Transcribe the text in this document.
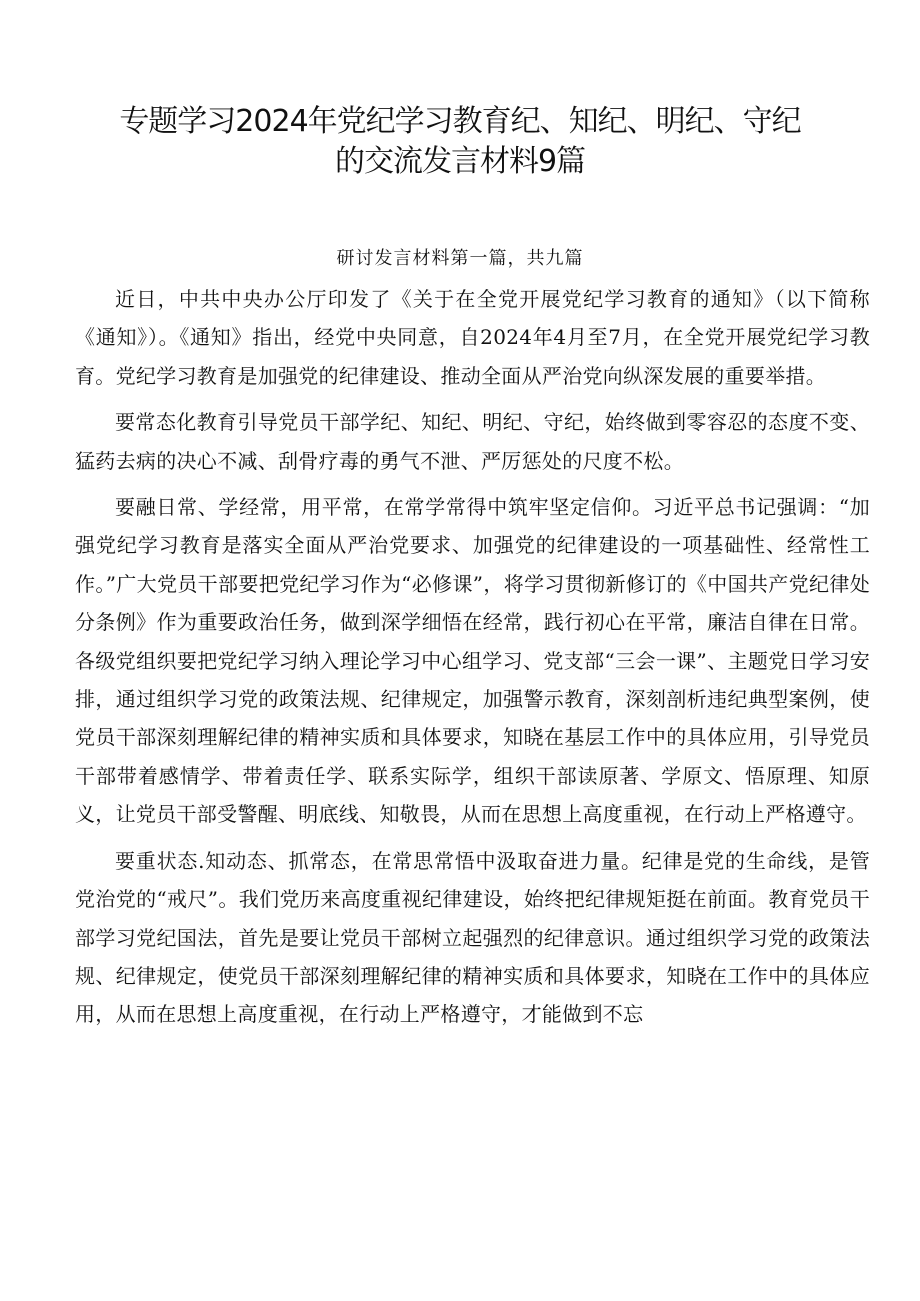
专题学习2024年党纪学习教育纪、知纪、明纪、守纪
的交流发言材料9篇
研讨发言材料第一篇，共九篇

近日，中共中央办公厅印发了《关于在全党开展党纪学习教育的通知》（以下简称《通知》）。《通知》指出，经党中央同意，自2024年4月至7月，在全党开展党纪学习教育。党纪学习教育是加强党的纪律建设、推动全面从严治党向纵深发展的重要举措。

要常态化教育引导党员干部学纪、知纪、明纪、守纪，始终做到零容忍的态度不变、猛药去病的决心不减、刮骨疗毒的勇气不泄、严厉惩处的尺度不松。

要融日常、学经常，用平常，在常学常得中筑牢坚定信仰。习近平总书记强调：“加强党纪学习教育是落实全面从严治党要求、加强党的纪律建设的一项基础性、经常性工作。”广大党员干部要把党纪学习作为“必修课”，将学习贯彻新修订的《中国共产党纪律处分条例》作为重要政治任务，做到深学细悟在经常，践行初心在平常，廉洁自律在日常。各级党组织要把党纪学习纳入理论学习中心组学习、党支部“三会一课”、主题党日学习安排，通过组织学习党的政策法规、纪律规定，加强警示教育，深刻剖析违纪典型案例，使党员干部深刻理解纪律的精神实质和具体要求，知晓在基层工作中的具体应用，引导党员干部带着感情学、带着责任学、联系实际学，组织干部读原著、学原文、悟原理、知原义，让党员干部受警醒、明底线、知敬畏，从而在思想上高度重视，在行动上严格遵守。

要重状态.知动态、抓常态，在常思常悟中汲取奋进力量。纪律是党的生命线，是管党治党的“戒尺”。我们党历来高度重视纪律建设，始终把纪律规矩挺在前面。教育党员干部学习党纪国法，首先是要让党员干部树立起强烈的纪律意识。通过组织学习党的政策法规、纪律规定，使党员干部深刻理解纪律的精神实质和具体要求，知晓在工作中的具体应用，从而在思想上高度重视，在行动上严格遵守，才能做到不忘
